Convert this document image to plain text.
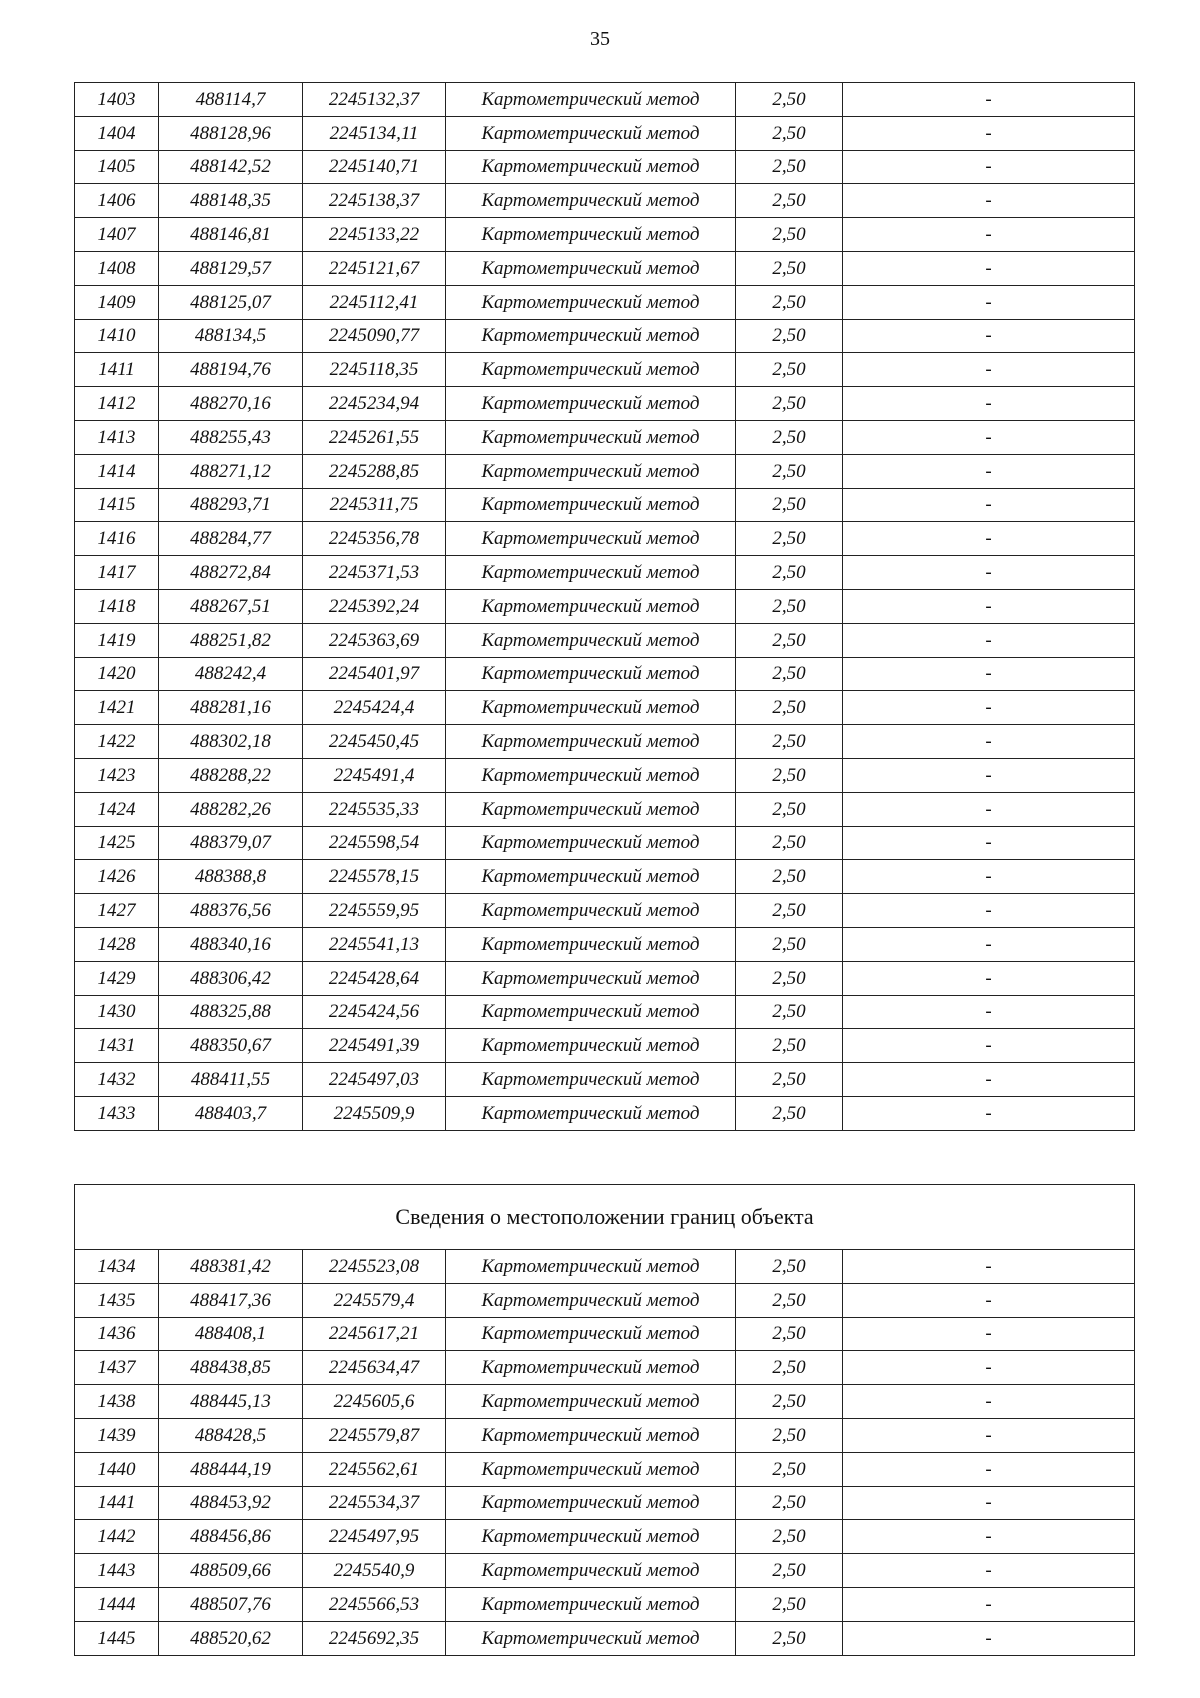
35
1403	488114,7	2245132,37	Картометрический метод	2,50	-
1404	488128,96	2245134,11	Картометрический метод	2,50	-
1405	488142,52	2245140,71	Картометрический метод	2,50	-
1406	488148,35	2245138,37	Картометрический метод	2,50	-
1407	488146,81	2245133,22	Картометрический метод	2,50	-
1408	488129,57	2245121,67	Картометрический метод	2,50	-
1409	488125,07	2245112,41	Картометрический метод	2,50	-
1410	488134,5	2245090,77	Картометрический метод	2,50	-
1411	488194,76	2245118,35	Картометрический метод	2,50	-
1412	488270,16	2245234,94	Картометрический метод	2,50	-
1413	488255,43	2245261,55	Картометрический метод	2,50	-
1414	488271,12	2245288,85	Картометрический метод	2,50	-
1415	488293,71	2245311,75	Картометрический метод	2,50	-
1416	488284,77	2245356,78	Картометрический метод	2,50	-
1417	488272,84	2245371,53	Картометрический метод	2,50	-
1418	488267,51	2245392,24	Картометрический метод	2,50	-
1419	488251,82	2245363,69	Картометрический метод	2,50	-
1420	488242,4	2245401,97	Картометрический метод	2,50	-
1421	488281,16	2245424,4	Картометрический метод	2,50	-
1422	488302,18	2245450,45	Картометрический метод	2,50	-
1423	488288,22	2245491,4	Картометрический метод	2,50	-
1424	488282,26	2245535,33	Картометрический метод	2,50	-
1425	488379,07	2245598,54	Картометрический метод	2,50	-
1426	488388,8	2245578,15	Картометрический метод	2,50	-
1427	488376,56	2245559,95	Картометрический метод	2,50	-
1428	488340,16	2245541,13	Картометрический метод	2,50	-
1429	488306,42	2245428,64	Картометрический метод	2,50	-
1430	488325,88	2245424,56	Картометрический метод	2,50	-
1431	488350,67	2245491,39	Картометрический метод	2,50	-
1432	488411,55	2245497,03	Картометрический метод	2,50	-
1433	488403,7	2245509,9	Картометрический метод	2,50	-
Сведения о местоположении границ объекта					
1434	488381,42	2245523,08	Картометрический метод	2,50	-
1435	488417,36	2245579,4	Картометрический метод	2,50	-
1436	488408,1	2245617,21	Картометрический метод	2,50	-
1437	488438,85	2245634,47	Картометрический метод	2,50	-
1438	488445,13	2245605,6	Картометрический метод	2,50	-
1439	488428,5	2245579,87	Картометрический метод	2,50	-
1440	488444,19	2245562,61	Картометрический метод	2,50	-
1441	488453,92	2245534,37	Картометрический метод	2,50	-
1442	488456,86	2245497,95	Картометрический метод	2,50	-
1443	488509,66	2245540,9	Картометрический метод	2,50	-
1444	488507,76	2245566,53	Картометрический метод	2,50	-
1445	488520,62	2245692,35	Картометрический метод	2,50	-
